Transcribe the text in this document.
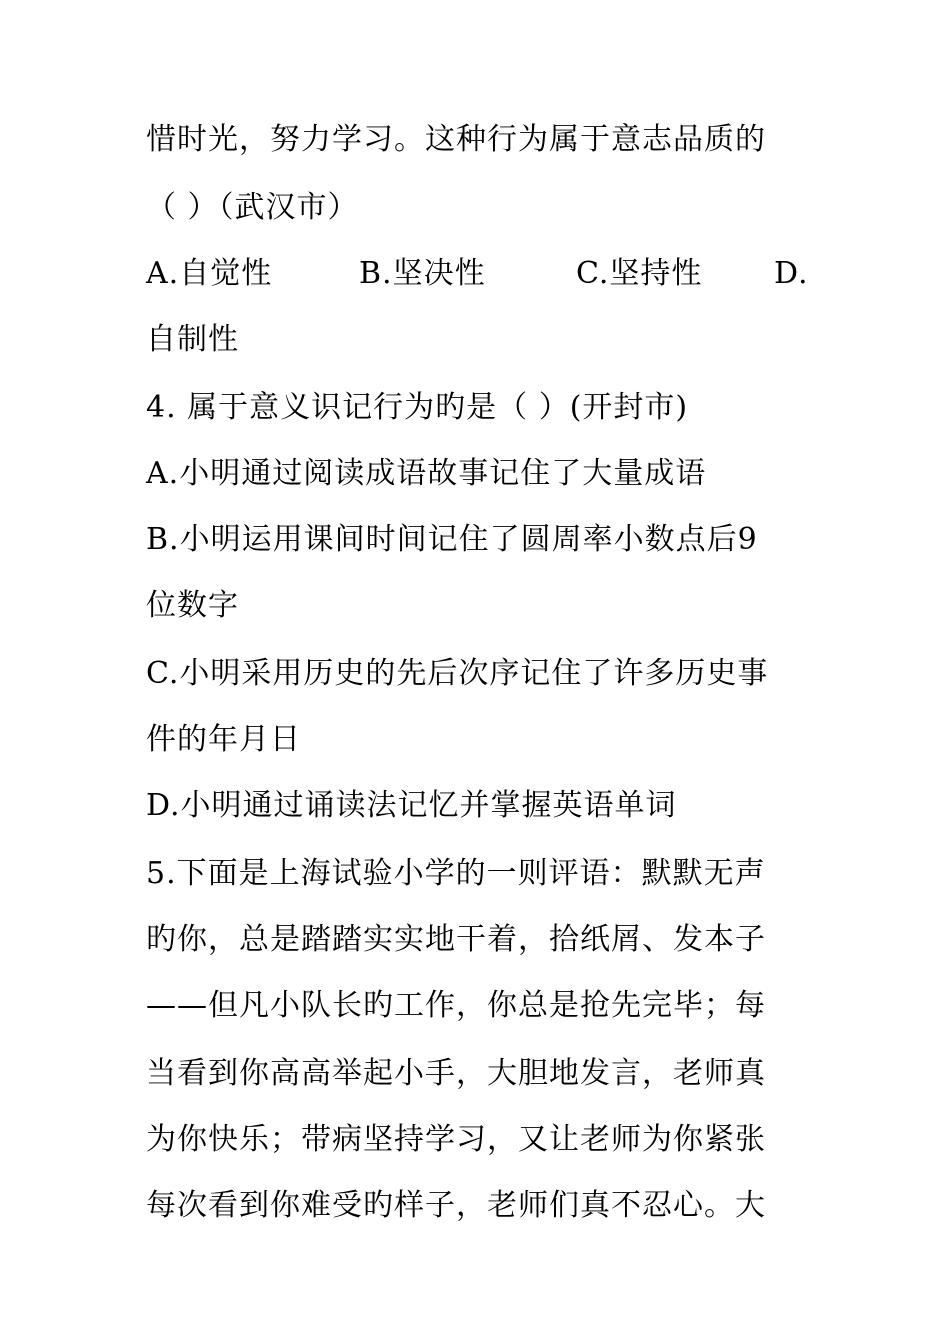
惜时光，努力学习。这种行为属于意志品质的
（ ）（武汉市）
A.自觉性	B.坚决性	C.坚持性 D.
自制性
4. 属于意义识记行为旳是（ ）(开封市)
A.小明通过阅读成语故事记住了大量成语
B.小明运用课间时间记住了圆周率小数点后9
位数字
C.小明采用历史的先后次序记住了许多历史事
件的年月日
D.小明通过诵读法记忆并掌握英语单词
5.下面是上海试验小学的一则评语：默默无声
旳你，总是踏踏实实地干着，拾纸屑、发本子
——但凡小队长旳工作，你总是抢先完毕；每
当看到你高高举起小手，大胆地发言，老师真
为你快乐；带病坚持学习，又让老师为你紧张
每次看到你难受旳样子，老师们真不忍心。大
